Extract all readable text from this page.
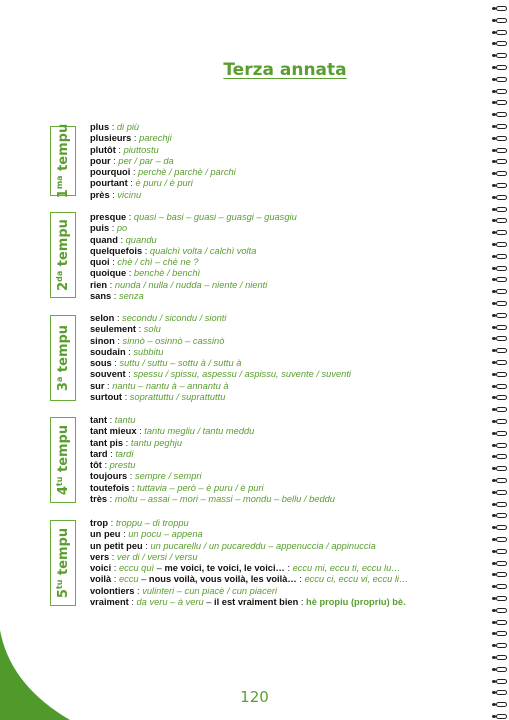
Terza annata
$1^{ma}$ tempu plus : di più
plusieurs : parechji
plutôt : piuttostu
pour : per / par – da
pourquoi : perchè / parchè / parchi
pourtant : è puru / è puri
près : vicinu
$2^{da}$ tempu
presque : quasi – basi – guasi – guasgi – guasgiu
puis : po
quand : quandu
quelquefois : qualchì volta / calchì volta
quoi : chè / chì – chè ne ?
quoique : benchè / benchì
rien : nunda / nulla / nudda – niente / nienti
sans : senza
3$^a$ tempu
selon : secondu / sicondu / sionti
seulement : solu
sinon : sinnò – osinnò – cassinò
soudain : subbitu
sous : suttu / suttu – sottu à / suttu à
souvent : spessu / spissu, aspessu / aspissu, suvente / suventi
sur : nantu – nantu à – annantu à
surtout : soprattuttu / suprattuttu
$4^{tu}$ tempu
tant : tantu
tant mieux : tantu megliu / tantu meddu
tant pis : tantu peghju
tard : tardi
tôt : prestu
toujours : sempre / sempri
toutefois : tuttavia – però – è puru / è puri
très : moltu – assai – mori – massi – mondu – bellu / beddu
$5^{tu}$ tempu
trop : troppu – di troppu
un peu : un pocu – appena
un petit peu : un pucarellu / un pucareddu – appenuccia / appinuccia
vers : ver di / versi / versu
voici : eccu quì – me voici, te voici, le voici… : eccu mi, eccu ti, eccu lu…
voilà : eccu – nous voilà, vous voilà, les voilà… : eccu ci, eccu vi, eccu li…
volontiers : vulinteri – cun piacè / cun piaceri
vraiment : da veru – à veru – il est vraiment bien : hè propiu (propriu) bè.
120
